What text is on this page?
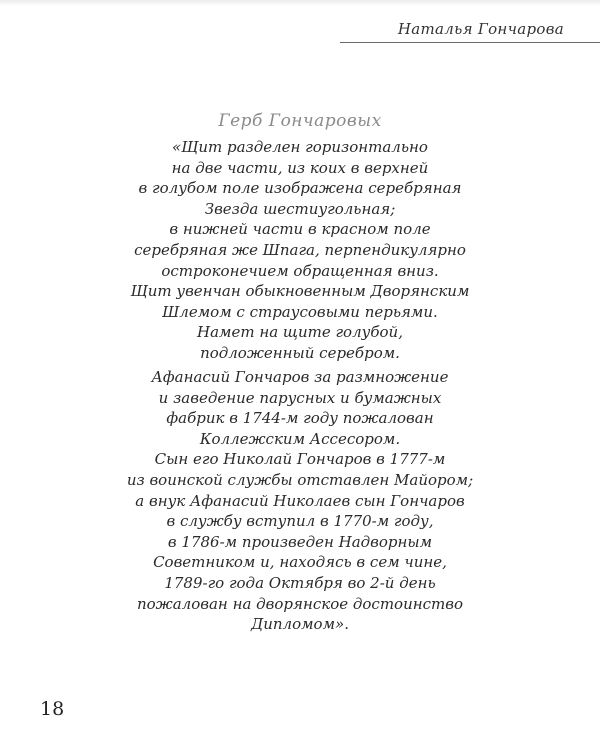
Наталья Гончарова
Герб Гончаровых
«Щит разделен горизонтально
на две части, из коих в верхней
в голубом поле изображена серебряная
Звезда шестиугольная;
в нижней части в красном поле
серебряная же Шпага, перпендикулярно
остроконечием обращенная вниз.
Щит увенчан обыкновенным Дворянским
Шлемом с страусовыми перьями.
Намет на щите голубой,
подложенный серебром.
Афанасий Гончаров за размножение
и заведение парусных и бумажных
фабрик в 1744-м году пожалован
Коллежским Ассесором.
Сын его Николай Гончаров в 1777-м
из воинской службы отставлен Майором;
а внук Афанасий Николаев сын Гончаров
в службу вступил в 1770-м году,
в 1786-м произведен Надворным
Советником и, находясь в сем чине,
1789-го года Октября во 2-й день
пожалован на дворянское достоинство
Дипломом».
18
